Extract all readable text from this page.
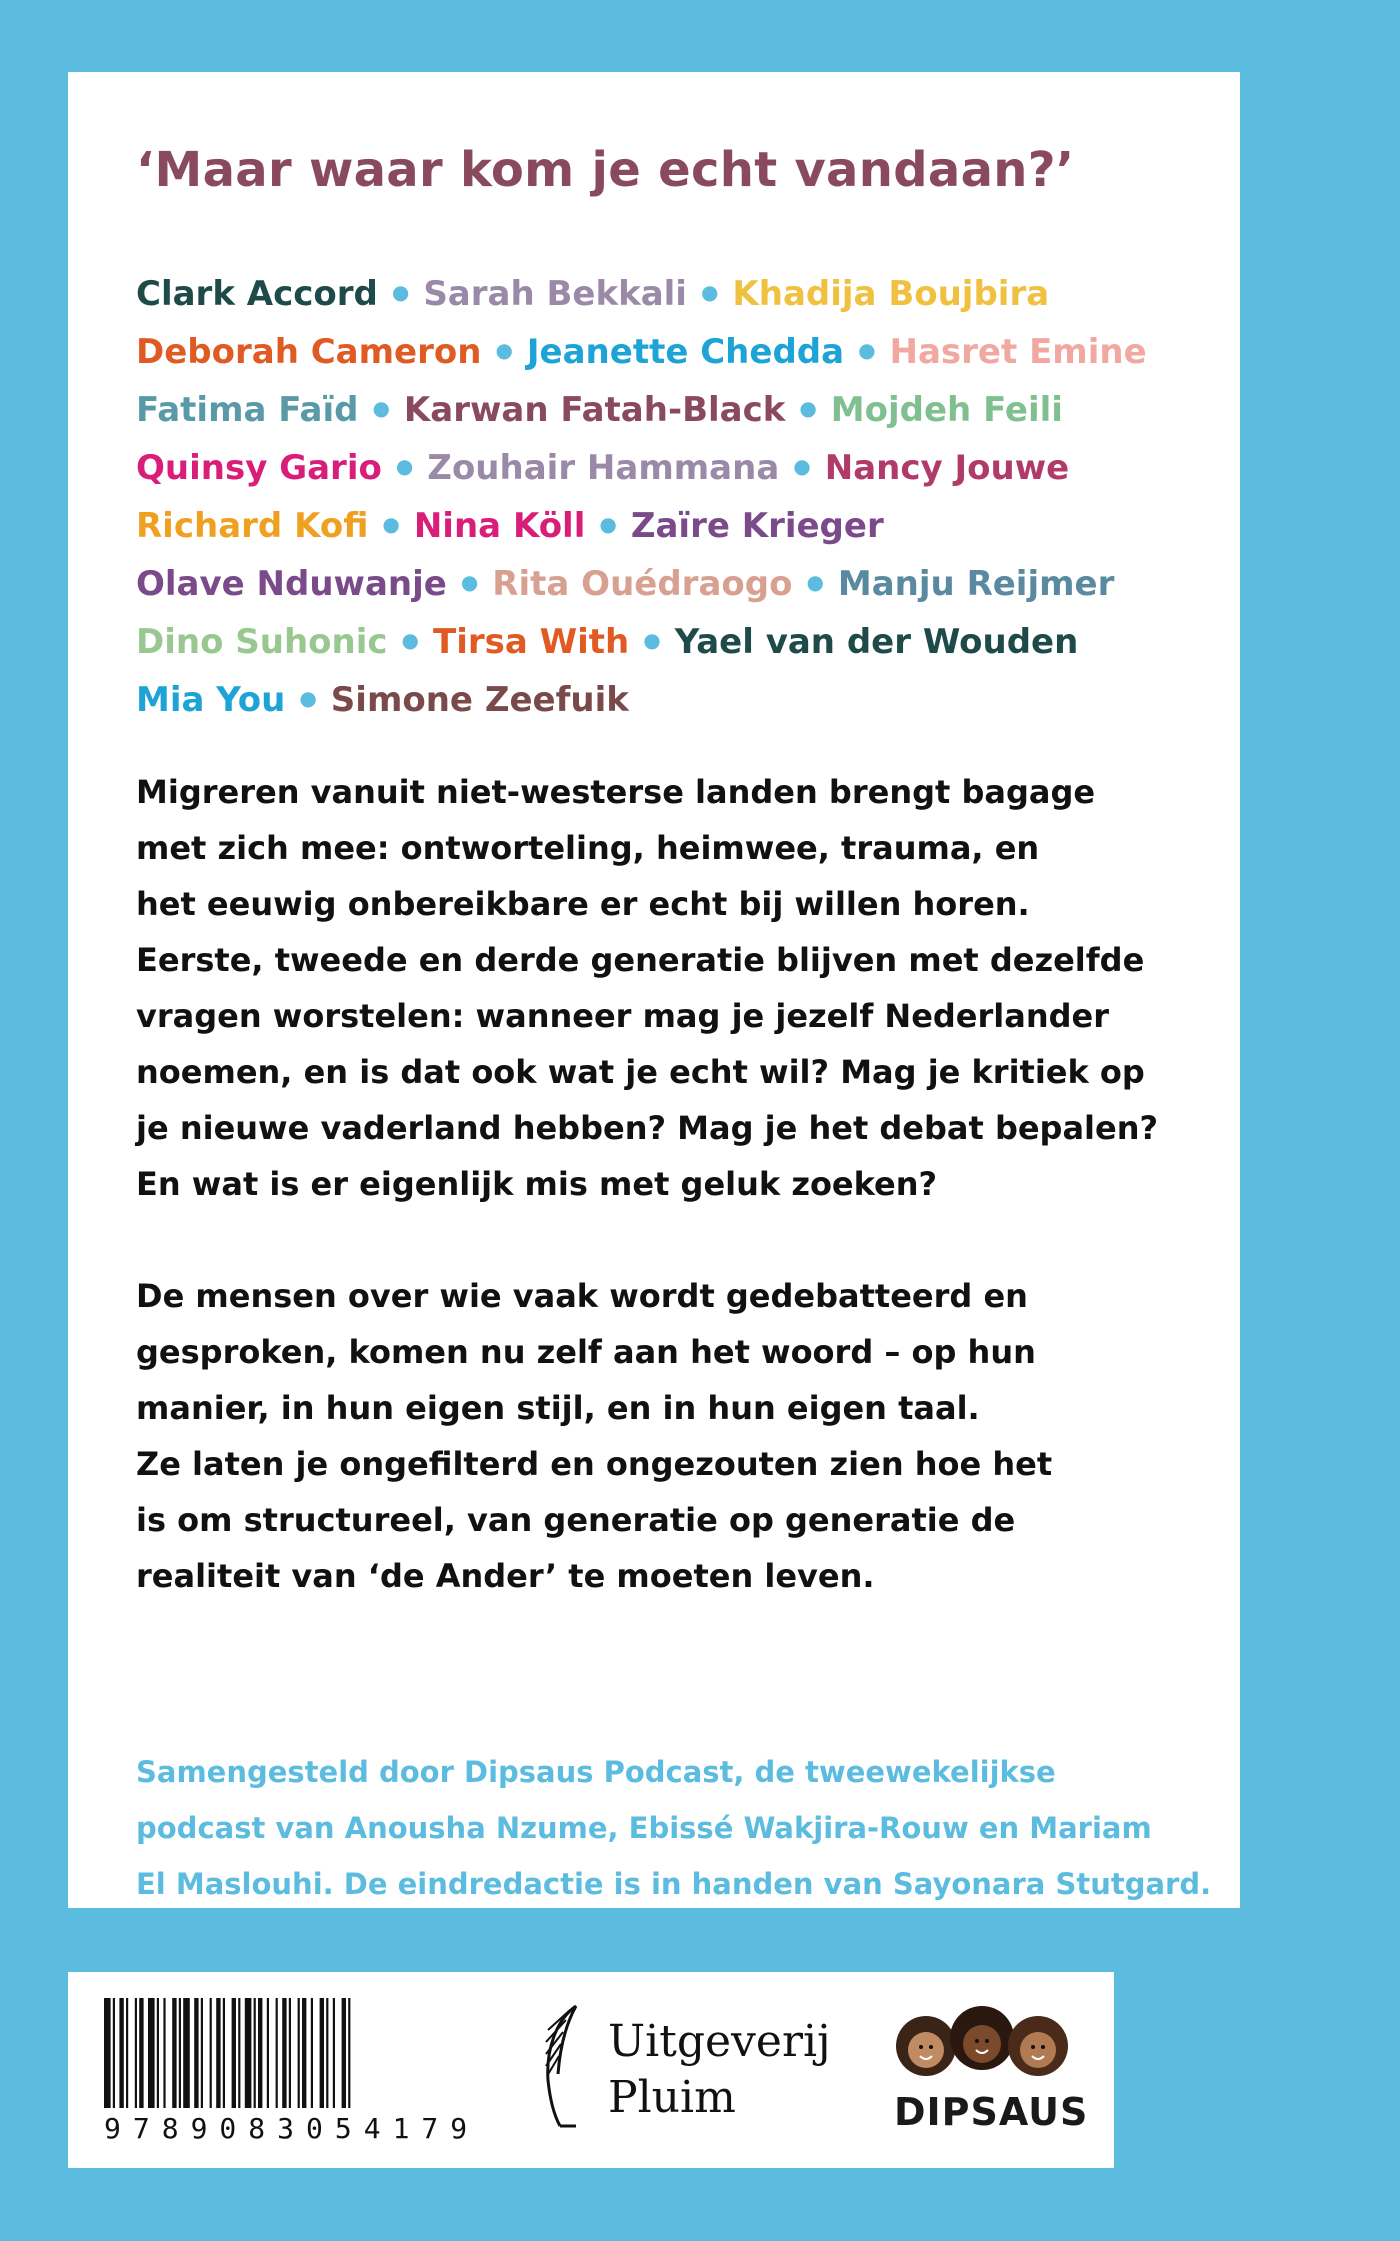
‘Maar waar kom je echt vandaan?’
Clark Accord ● Sarah Bekkali ● Khadija Boujbira
Deborah Cameron ● Jeanette Chedda ● Hasret Emine
Fatima Faïd ● Karwan Fatah-Black ● Mojdeh Feili
Quinsy Gario ● Zouhair Hammana ● Nancy Jouwe
Richard Kofi ● Nina Köll ● Zaïre Krieger
Olave Nduwanje ● Rita Ouédraogo ● Manju Reijmer
Dino Suhonic ● Tirsa With ● Yael van der Wouden
Mia You ● Simone Zeefuik
Migreren vanuit niet-westerse landen brengt bagage
met zich mee: ontworteling, heimwee, trauma, en
het eeuwig onbereikbare er echt bij willen horen.
Eerste, tweede en derde generatie blijven met dezelfde
vragen worstelen: wanneer mag je jezelf Nederlander
noemen, en is dat ook wat je echt wil? Mag je kritiek op
je nieuwe vaderland hebben? Mag je het debat bepalen?
En wat is er eigenlijk mis met geluk zoeken?
De mensen over wie vaak wordt gedebatteerd en
gesproken, komen nu zelf aan het woord – op hun
manier, in hun eigen stijl, en in hun eigen taal.
Ze laten je ongefilterd en ongezouten zien hoe het
is om structureel, van generatie op generatie de
realiteit van ‘de Ander’ te moeten leven.
Samengesteld door Dipsaus Podcast, de tweewekelijkse
podcast van Anousha Nzume, Ebissé Wakjira-Rouw en Mariam
El Maslouhi. De eindredactie is in handen van Sayonara Stutgard.
9789083054179
Uitgeverij
Pluim	DIPSAUS
